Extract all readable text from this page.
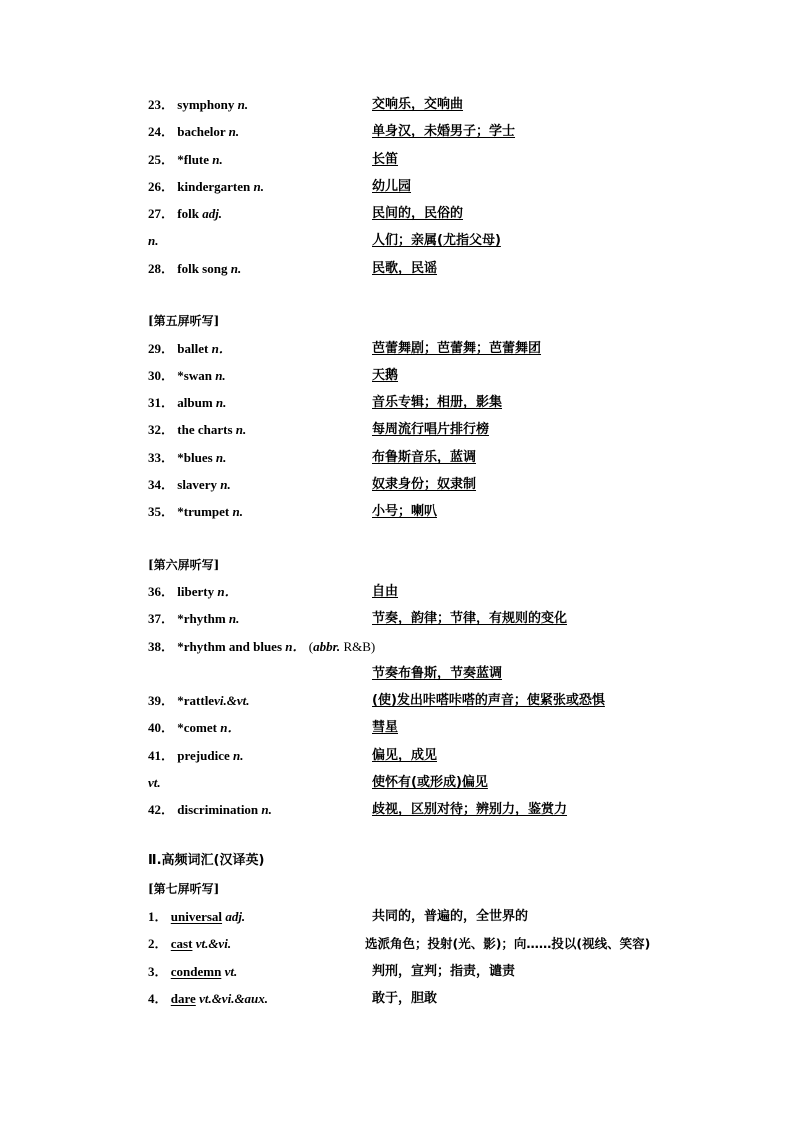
23． symphony n.	交响乐，交响曲
24． bachelor n.	单身汉，未婚男子；学士
25． *flute n.	长笛
26． kindergarten n.	幼儿园
27． folk adj.	民间的，民俗的
n.	人们；亲属(尤指父母)
28． folk song n.	民歌，民谣
[第五屏听写]
29． ballet n．	芭蕾舞剧；芭蕾舞；芭蕾舞团
30． *swan n.	天鹅
31． album n.	音乐专辑；相册，影集
32． the charts n.	每周流行唱片排行榜
33． *blues n.	布鲁斯音乐，蓝调
34． slavery n.	奴隶身份；奴隶制
35． *trumpet n.	小号；喇叭
[第六屏听写]
36． liberty n．	自由
37． *rhythm n.	节奏，韵律；节律，有规则的变化
38． *rhythm and blues n． (abbr. R&B)
节奏布鲁斯，节奏蓝调
39． *rattlevi.&vt.	(使)发出咔嗒咔嗒的声音；使紧张或恐惧
40． *comet n．	彗星
41． prejudice n.	偏见，成见
vt.	使怀有(或形成)偏见
42． discrimination n.	歧视，区别对待；辨别力，鉴赏力
Ⅱ.高频词汇(汉译英)
[第七屏听写]
1． universal adj.	共同的，普遍的，全世界的
2． cast vt.&vi.	选派角色；投射(光、影)；向……投以(视线、笑容)
3． condemn vt.	判刑，宣判；指责，谴责
4． dare vt.&vi.&aux.	敢于，胆敢
